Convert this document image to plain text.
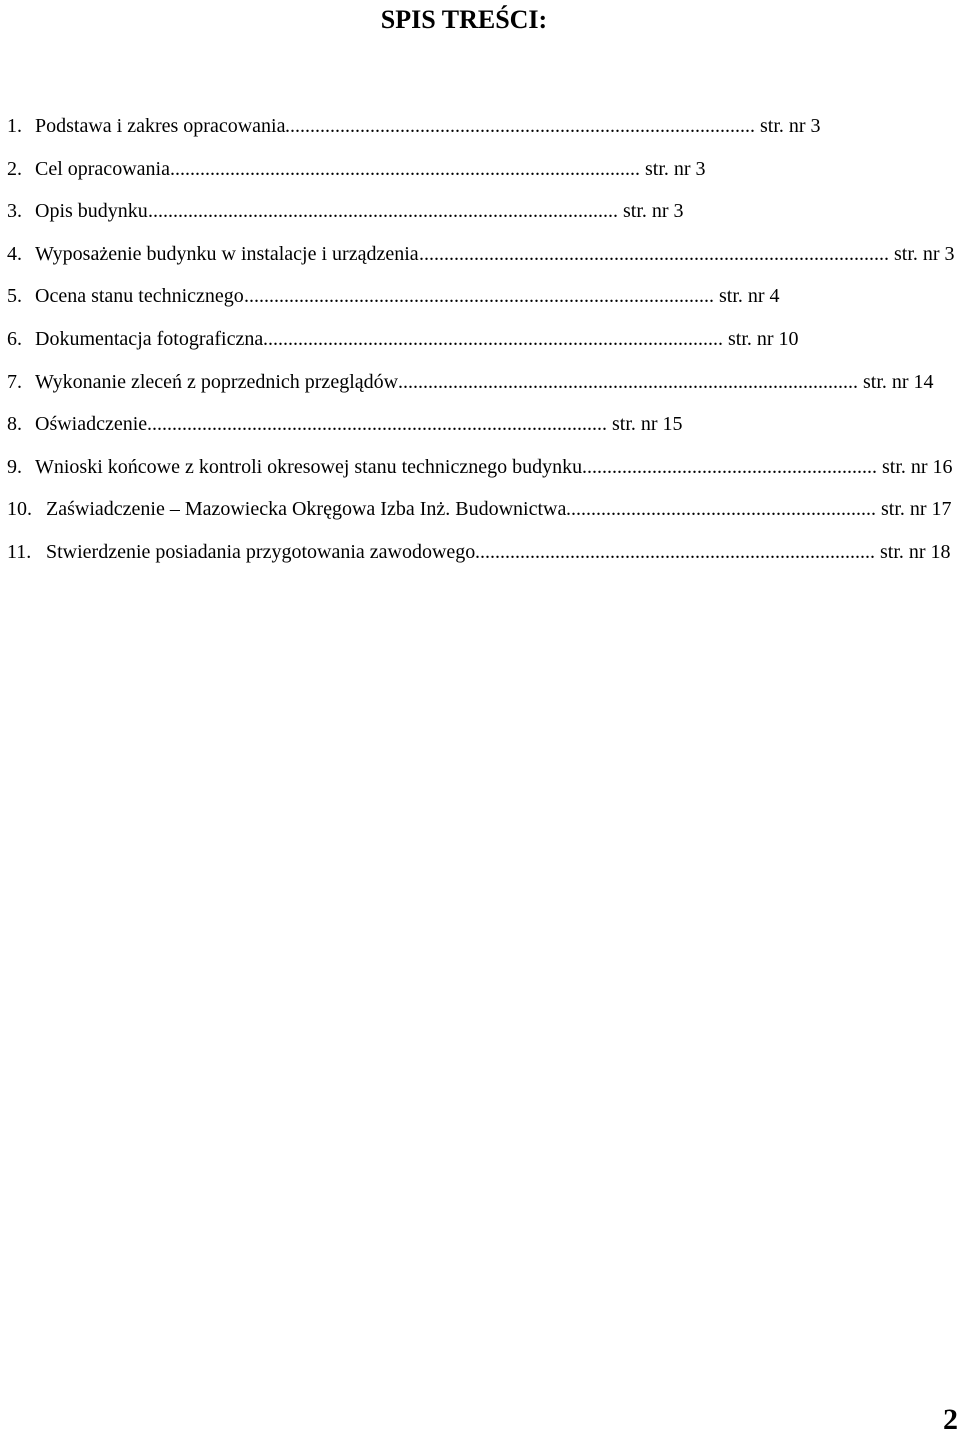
SPIS TREŚCI:
1. Podstawa i zakres opracowania .............................................................................................. str. nr 3
2. Cel opracowania .............................................................................................. str. nr 3
3. Opis budynku .............................................................................................. str. nr 3
4. Wyposażenie budynku w instalacje i urządzenia .............................................................................................. str. nr 3
5. Ocena stanu technicznego .............................................................................................. str. nr 4
6. Dokumentacja fotograficzna ............................................................................................ str. nr 10
7. Wykonanie zleceń z poprzednich przeglądów ............................................................................................ str. nr 14
8. Oświadczenie ............................................................................................ str. nr 15
9. Wnioski końcowe z kontroli okresowej stanu technicznego budynku ........................................................... str. nr 16
10. Zaświadczenie – Mazowiecka Okręgowa Izba Inż. Budownictwa .............................................................. str. nr 17
11. Stwierdzenie posiadania przygotowania zawodowego ................................................................................ str. nr 18
2
